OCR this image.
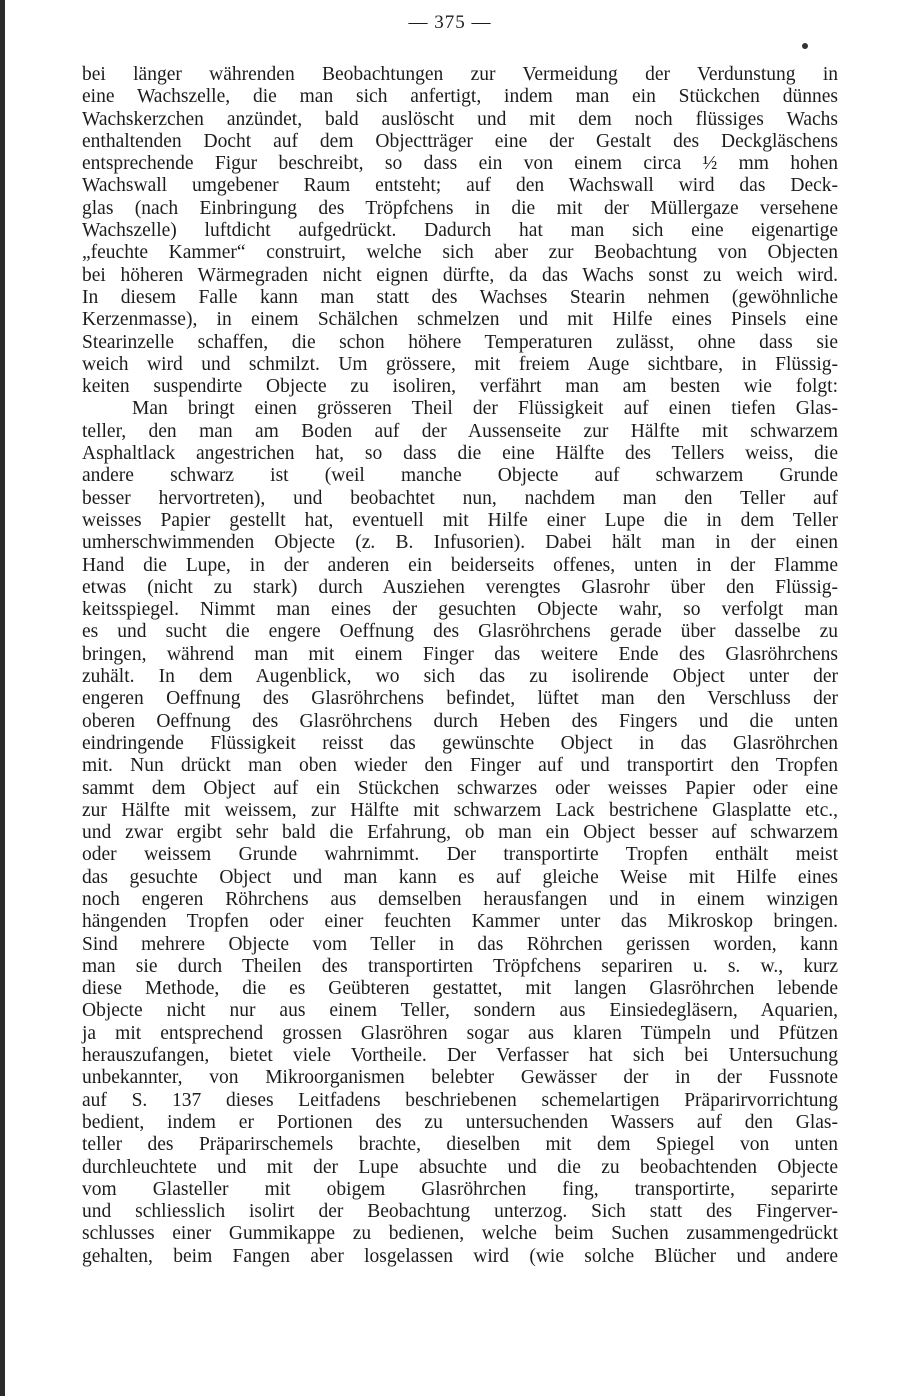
— 375 —
bei länger währenden Beobachtungen zur Vermeidung der Verdunstung in
eine Wachszelle, die man sich anfertigt, indem man ein Stückchen dünnes
Wachskerzchen anzündet, bald auslöscht und mit dem noch flüssiges Wachs
enthaltenden Docht auf dem Objectträger eine der Gestalt des Deckgläschens
entsprechende Figur beschreibt, so dass ein von einem circa ½ mm hohen
Wachswall umgebener Raum entsteht; auf den Wachswall wird das Deck-
glas (nach Einbringung des Tröpfchens in die mit der Müllergaze versehene
Wachszelle) luftdicht aufgedrückt. Dadurch hat man sich eine eigenartige
„feuchte Kammer“ construirt, welche sich aber zur Beobachtung von Objecten
bei höheren Wärmegraden nicht eignen dürfte, da das Wachs sonst zu weich wird.
In diesem Falle kann man statt des Wachses Stearin nehmen (gewöhnliche
Kerzenmasse), in einem Schälchen schmelzen und mit Hilfe eines Pinsels eine
Stearinzelle schaffen, die schon höhere Temperaturen zulässt, ohne dass sie
weich wird und schmilzt. Um grössere, mit freiem Auge sichtbare, in Flüssig-
keiten suspendirte Objecte zu isoliren, verfährt man am besten wie folgt:
Man bringt einen grösseren Theil der Flüssigkeit auf einen tiefen Glas-
teller, den man am Boden auf der Aussenseite zur Hälfte mit schwarzem
Asphaltlack angestrichen hat, so dass die eine Hälfte des Tellers weiss, die
andere schwarz ist (weil manche Objecte auf schwarzem Grunde
besser hervortreten), und beobachtet nun, nachdem man den Teller auf
weisses Papier gestellt hat, eventuell mit Hilfe einer Lupe die in dem Teller
umherschwimmenden Objecte (z. B. Infusorien). Dabei hält man in der einen
Hand die Lupe, in der anderen ein beiderseits offenes, unten in der Flamme
etwas (nicht zu stark) durch Ausziehen verengtes Glasrohr über den Flüssig-
keitsspiegel. Nimmt man eines der gesuchten Objecte wahr, so verfolgt man
es und sucht die engere Oeffnung des Glasröhrchens gerade über dasselbe zu
bringen, während man mit einem Finger das weitere Ende des Glasröhrchens
zuhält. In dem Augenblick, wo sich das zu isolirende Object unter der
engeren Oeffnung des Glasröhrchens befindet, lüftet man den Verschluss der
oberen Oeffnung des Glasröhrchens durch Heben des Fingers und die unten
eindringende Flüssigkeit reisst das gewünschte Object in das Glasröhrchen
mit. Nun drückt man oben wieder den Finger auf und transportirt den Tropfen
sammt dem Object auf ein Stückchen schwarzes oder weisses Papier oder eine
zur Hälfte mit weissem, zur Hälfte mit schwarzem Lack bestrichene Glasplatte etc.,
und zwar ergibt sehr bald die Erfahrung, ob man ein Object besser auf schwarzem
oder weissem Grunde wahrnimmt. Der transportirte Tropfen enthält meist
das gesuchte Object und man kann es auf gleiche Weise mit Hilfe eines
noch engeren Röhrchens aus demselben herausfangen und in einem winzigen
hängenden Tropfen oder einer feuchten Kammer unter das Mikroskop bringen.
Sind mehrere Objecte vom Teller in das Röhrchen gerissen worden, kann
man sie durch Theilen des transportirten Tröpfchens separiren u. s. w., kurz
diese Methode, die es Geübteren gestattet, mit langen Glasröhrchen lebende
Objecte nicht nur aus einem Teller, sondern aus Einsiedegläsern, Aquarien,
ja mit entsprechend grossen Glasröhren sogar aus klaren Tümpeln und Pfützen
herauszufangen, bietet viele Vortheile. Der Verfasser hat sich bei Untersuchung
unbekannter, von Mikroorganismen belebter Gewässer der in der Fussnote
auf S. 137 dieses Leitfadens beschriebenen schemelartigen Präparirvorrichtung
bedient, indem er Portionen des zu untersuchenden Wassers auf den Glas-
teller des Präparirschemels brachte, dieselben mit dem Spiegel von unten
durchleuchtete und mit der Lupe absuchte und die zu beobachtenden Objecte
vom Glasteller mit obigem Glasröhrchen fing, transportirte, separirte
und schliesslich isolirt der Beobachtung unterzog. Sich statt des Fingerver-
schlusses einer Gummikappe zu bedienen, welche beim Suchen zusammengedrückt
gehalten, beim Fangen aber losgelassen wird (wie solche Blücher und andere
